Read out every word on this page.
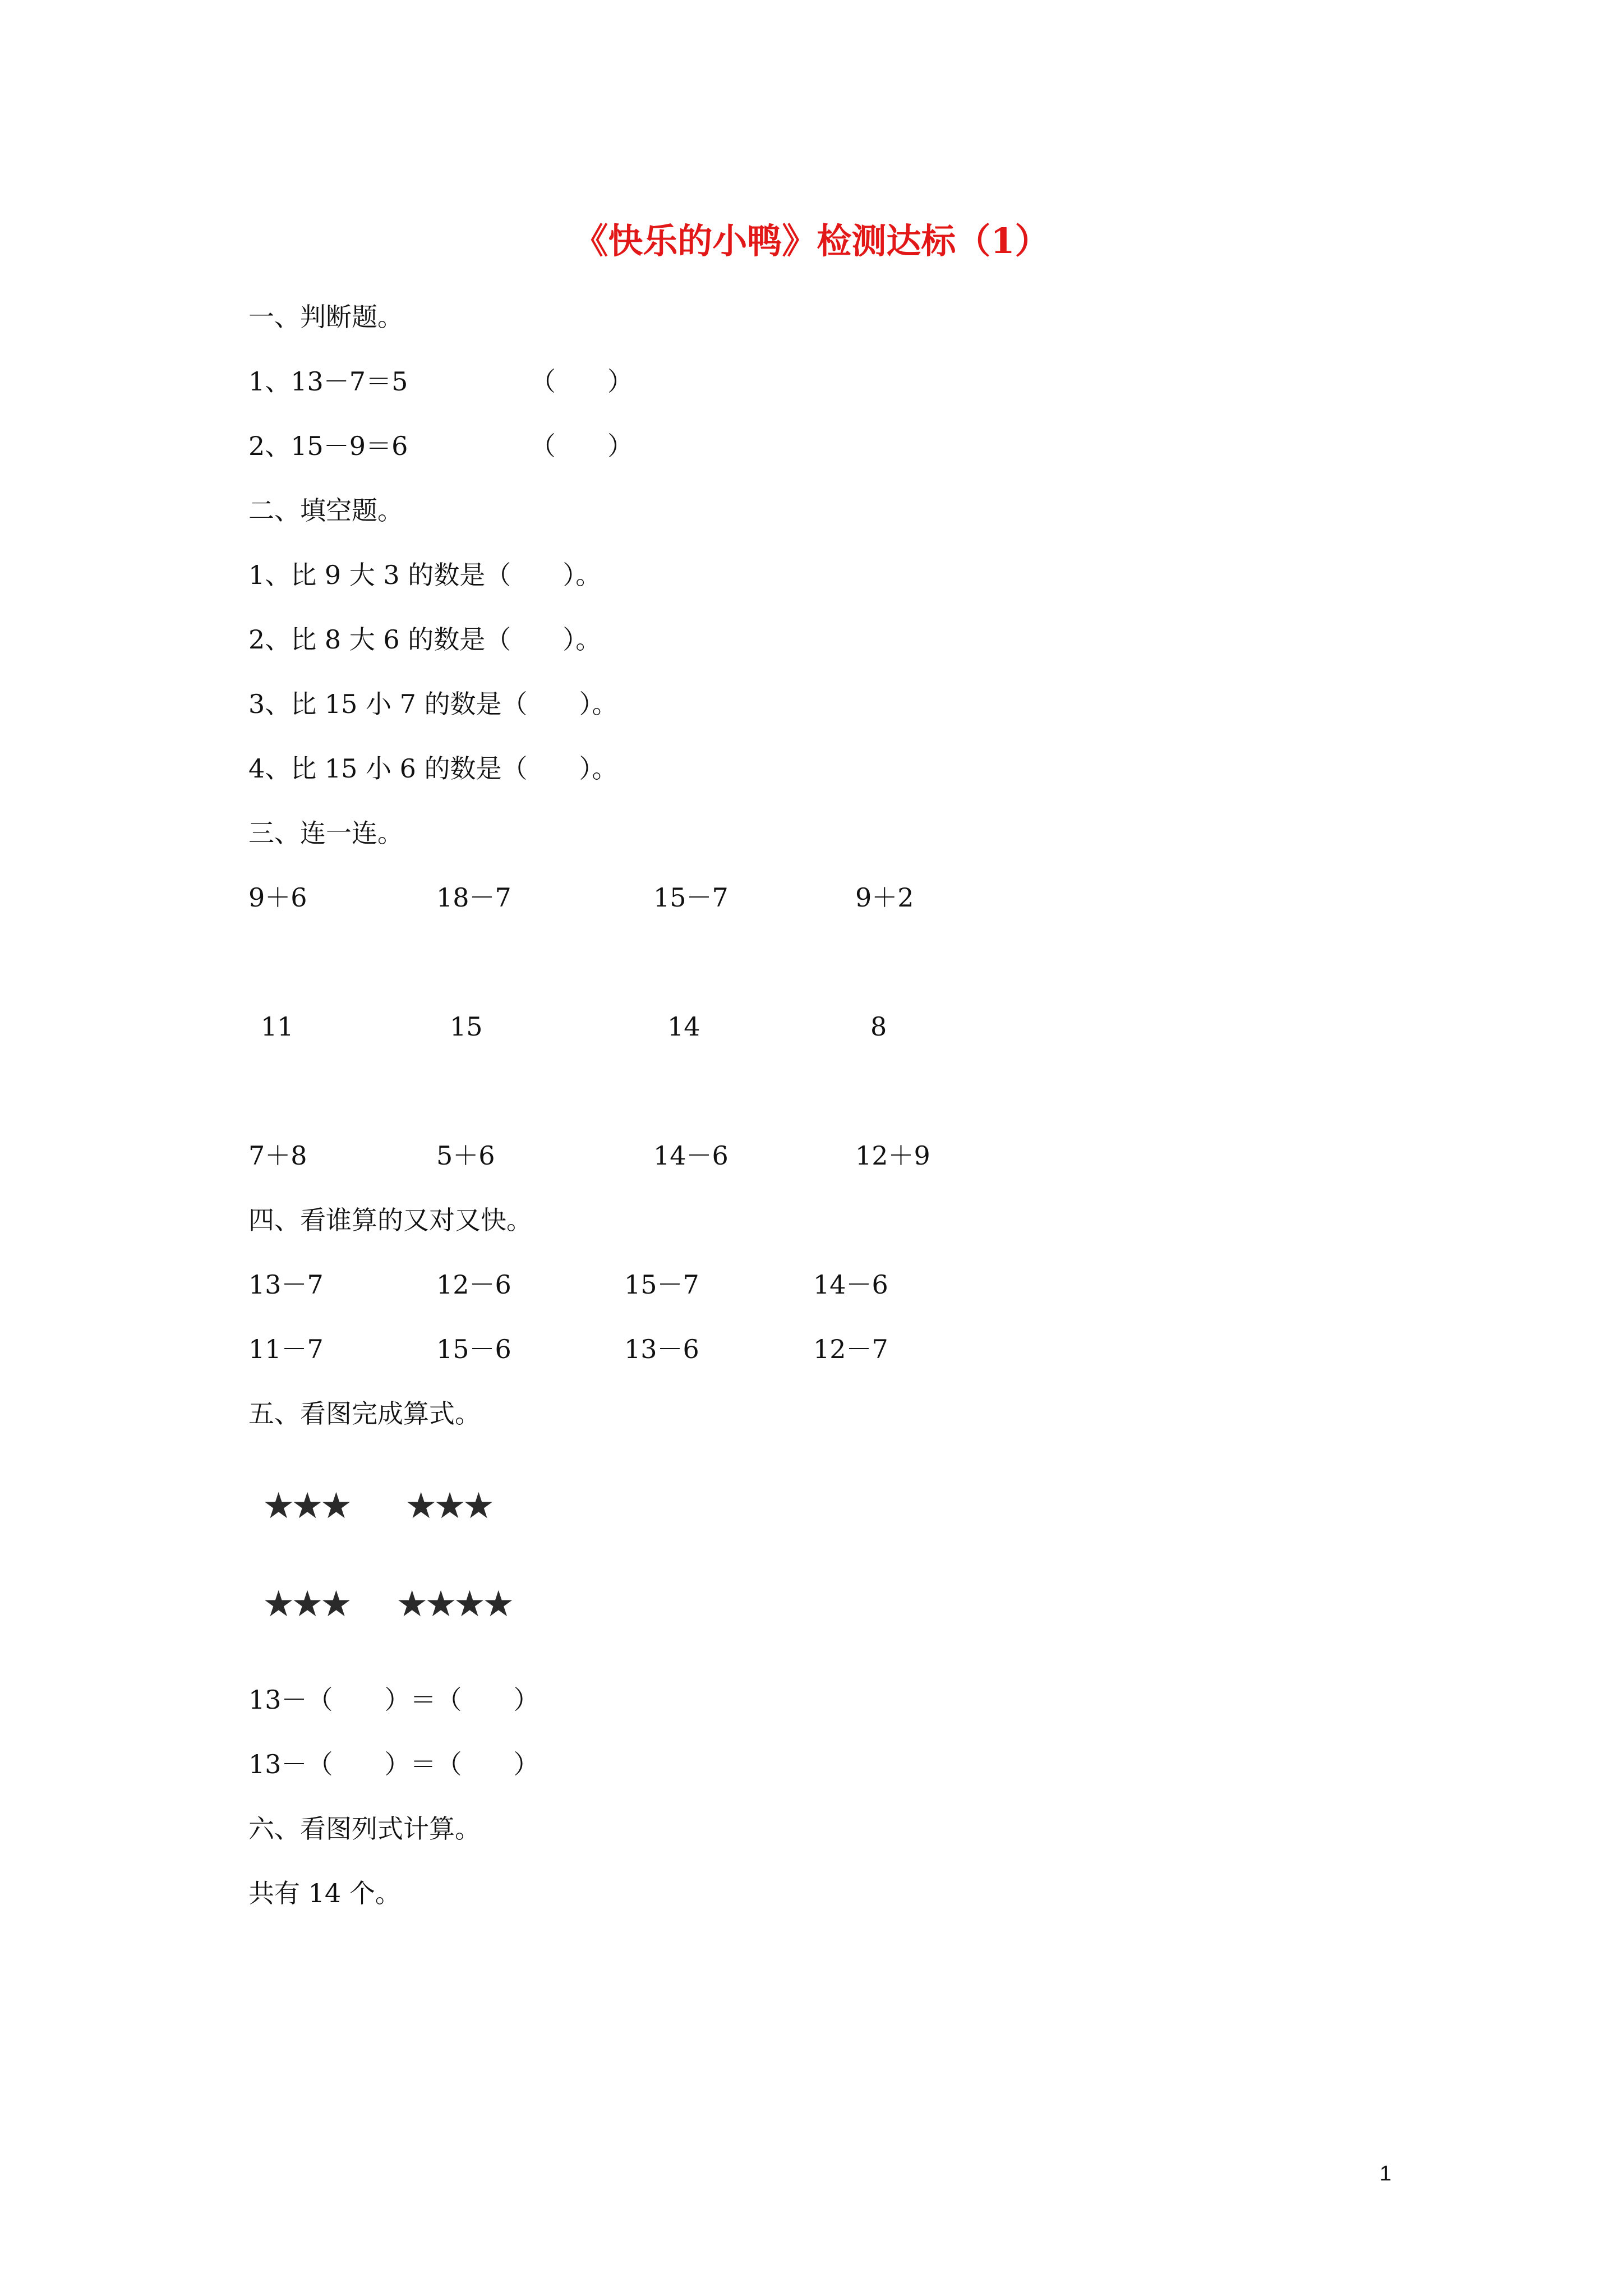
《快乐的小鸭》检测达标（1）
一、判断题。
1、13－7＝5	（　　）
2、15－9＝6	（　　）
二、填空题。
1、比 9 大 3 的数是（　　）。
2、比 8 大 6 的数是（　　）。
3、比 15 小 7 的数是（　　）。
4、比 15 小 6 的数是（　　）。
三、连一连。
9＋6	18－7	15－7	9＋2
11	15	14	8
7＋8	5＋6	14－6	12＋9
四、看谁算的又对又快。
13－7	12－6	15－7	14－6
11－7	15－6	13－6	12－7
五、看图完成算式。
★★★ ★★★
★★★ ★★★★
13－（　　）＝（　　）
13－（　　）＝（　　）
六、看图列式计算。
共有 14 个。
1
